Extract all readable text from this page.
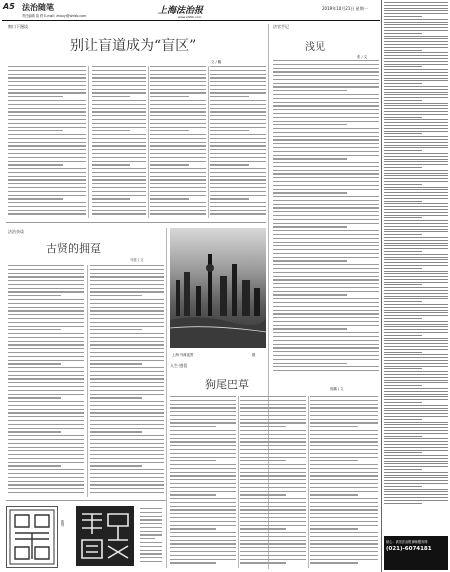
A5 法治随笔
责任编辑 周 轶 E-mail: zhouyi@shfzb.com	上海法治报
www.shfzb.com
2019年10月21日 星期一
窗口下漫谈
别让盲道成为“盲区”
文 / 戴
法官手记
浅见
张 / 文
法治杂谈
古贤的拥趸
马佳 / 文
上海·外滩夜景	摄
人生·感悟
狗尾巴草	郭鹏 / 文
篆刻
贴心：请见法治报律师服务网
(021)-6074181
